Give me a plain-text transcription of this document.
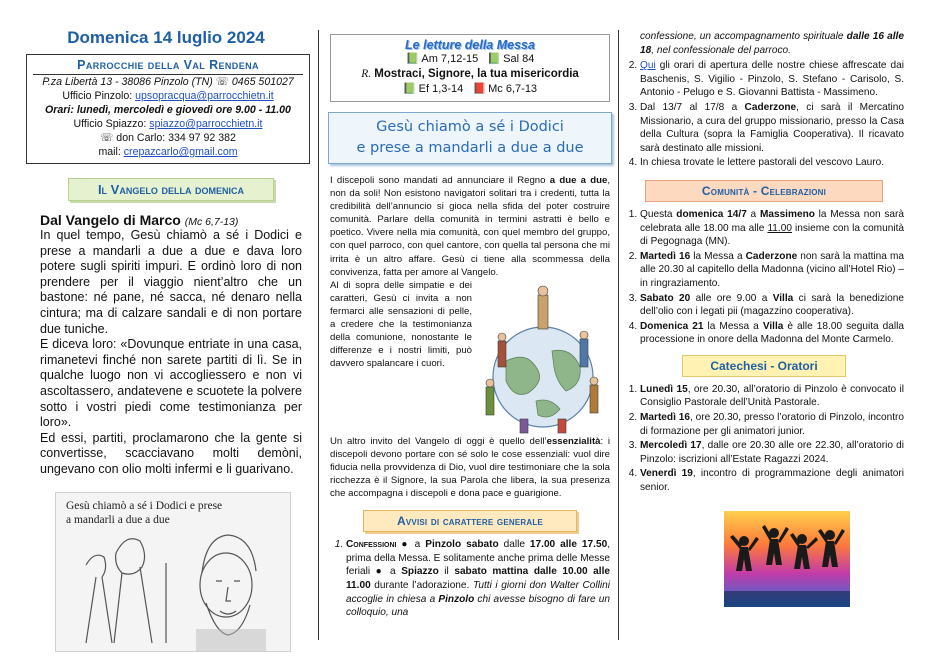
Domenica 14 luglio 2024
Parrocchie della Val Rendena
P.za Libertà 13 - 38086 Pinzolo (TN) ☏ 0465 501027
Ufficio Pinzolo: upsopracqua@parrocchietn.it
Orari: lunedì, mercoledì e giovedì ore 9.00 - 11.00
Ufficio Spiazzo: spiazzo@parrocchietn.it
☏ don Carlo: 334 97 92 382
mail: crepazcarlo@gmail.com
Il Vangelo della domenica
Dal Vangelo di Marco (Mc 6,7-13)

In quel tempo, Gesù chiamò a sé i Dodici e prese a mandarli a due a due e dava loro potere sugli spiriti impuri. E ordinò loro di non prendere per il viaggio nient’altro che un bastone: né pane, né sacca, né denaro nella cintura; ma di calzare sandali e di non portare due tuniche.

E diceva loro: «Dovunque entriate in una casa, rimanetevi finché non sarete partiti di lì. Se in qualche luogo non vi accogliessero e non vi ascoltassero, andatevene e scuotete la polvere sotto i vostri piedi come testimonianza per loro».

Ed essi, partiti, proclamarono che la gente si convertisse, scacciavano molti demòni, ungevano con olio molti infermi e li guarivano.

Gesù chiamò a sé i Dodici e prese
a mandarli a due a due
Le letture della Messa
📗 Am 7,12-15 📗 Sal 84
R. Mostraci, Signore, la tua misericordia
📗 Ef 1,3-14 📕 Mc 6,7-13
Gesù chiamò a sé i Dodici
e prese a mandarli a due a due

I discepoli sono mandati ad annunciare il Regno a due a due, non da soli! Non esistono navigatori solitari tra i credenti, tutta la credibilità dell’annuncio si gioca nella sfida del poter costruire comunità. Parlare della comunità in termini astratti è bello e poetico. Vivere nella mia comunità, con quel membro del gruppo, con quel parroco, con quel cantore, con quella tal persona che mi irrita è un altro affare. Gesù ci tiene alla scommessa della convivenza, fatta per amore al Vangelo.

Al di sopra delle simpatie e dei caratteri, Gesù ci invita a non fermarci alle sensazioni di pelle, a credere che la testimonianza della comunione, nonostante le differenze e i nostri limiti, può davvero spalancare i cuori.

Un altro invito del Vangelo di oggi è quello dell’essenzialità: i discepoli devono portare con sé solo le cose essenziali: vuol dire fiducia nella provvidenza di Dio, vuol dire testimoniare che la sola ricchezza è il Signore, la sua Parola che libera, la sua presenza che accompagna i discepoli e dona pace e guarigione.

Avvisi di carattere generale
1. Confessioni ● a Pinzolo sabato dalle 17.00 alle 17.50, prima della Messa. E solitamente anche prima delle Messe feriali ● a Spiazzo il sabato mattina dalle 10.00 alle 11.00 durante l’adorazione. Tutti i giorni don Walter Collini accoglie in chiesa a Pinzolo chi avesse bisogno di fare un colloquio, una

confessione, un accompagnamento spirituale dalle 16 alle 18, nel confessionale del parroco.

2. Qui gli orari di apertura delle nostre chiese affrescate dai Baschenis, S. Vigilio - Pinzolo, S. Stefano - Carisolo, S. Antonio - Pelugo e S. Giovanni Battista - Massimeno.
3. Dal 13/7 al 17/8 a Caderzone, ci sarà il Mercatino Missionario, a cura del gruppo missionario, presso la Casa della Cultura (sopra la Famiglia Cooperativa). Il ricavato sarà destinato alle missioni.
4. In chiesa trovate le lettere pastorali del vescovo Lauro.
Comunità - Celebrazioni
1. Questa domenica 14/7 a Massimeno la Messa non sarà celebrata alle 18.00 ma alle 11.00 insieme con la comunità di Pegognaga (MN).
2. Martedì 16 la Messa a Caderzone non sarà la mattina ma alle 20.30 al capitello della Madonna (vicino all’Hotel Rio) – in ringraziamento.
3. Sabato 20 alle ore 9.00 a Villa ci sarà la benedizione dell’olio con i legati pii (magazzino cooperativa).
4. Domenica 21 la Messa a Villa è alle 18.00 seguita dalla processione in onore della Madonna del Monte Carmelo.
Catechesi - Oratori
1. Lunedì 15, ore 20.30, all’oratorio di Pinzolo è convocato il Consiglio Pastorale dell’Unità Pastorale.
2. Martedì 16, ore 20.30, presso l’oratorio di Pinzolo, incontro di formazione per gli animatori junior.
3. Mercoledì 17, dalle ore 20.30 alle ore 22.30, all’oratorio di Pinzolo: iscrizioni all’Estate Ragazzi 2024.
4. Venerdì 19, incontro di programmazione degli animatori senior.
